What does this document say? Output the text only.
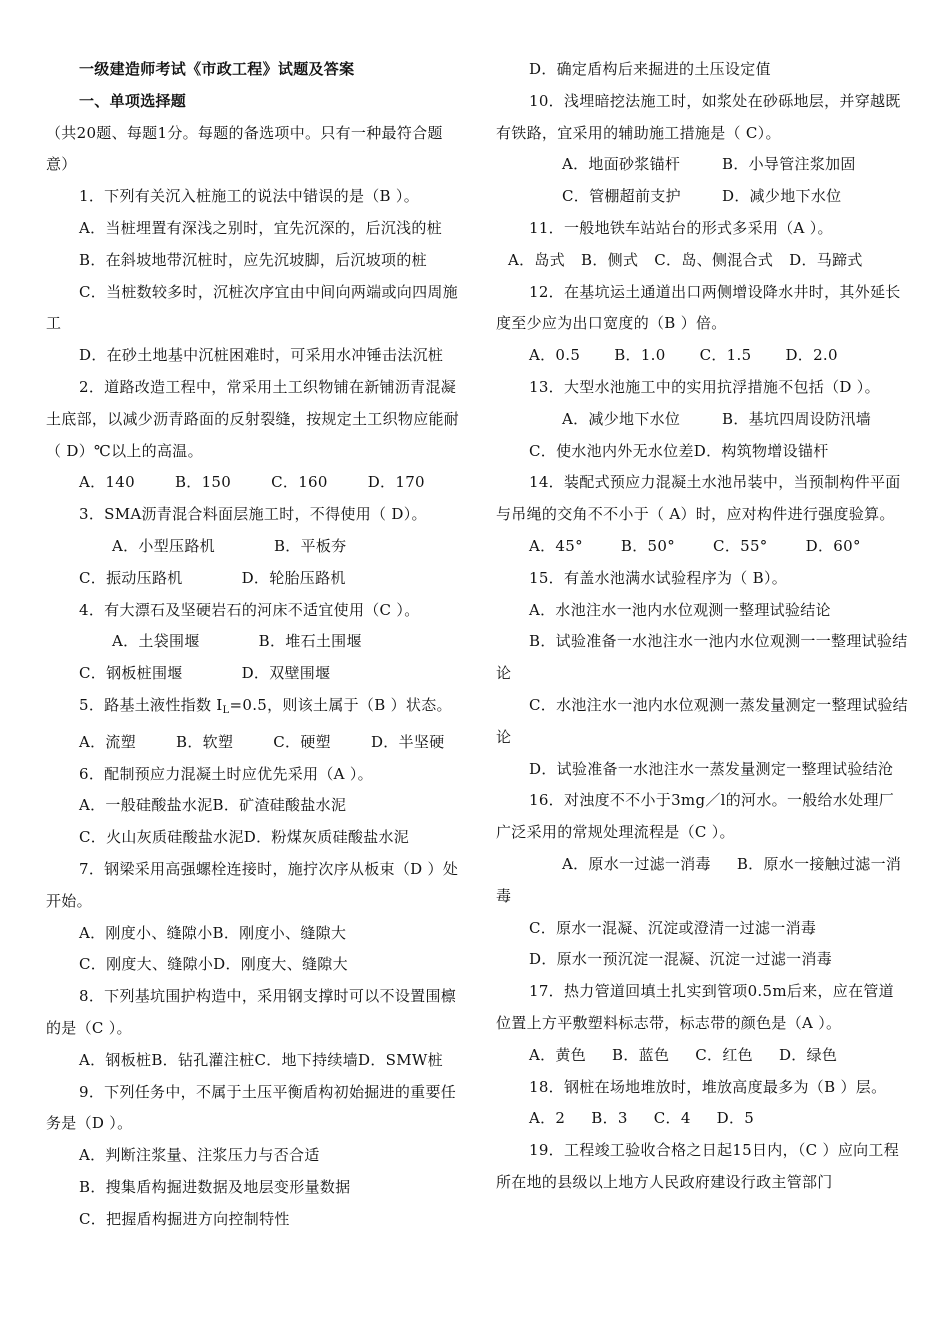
一级建造师考试《市政工程》试题及答案

一、单项选择题

（共20题、每题1分。每题的备选项中。只有一种最符合题意）

1．下列有关沉入桩施工的说法中错误的是（B ）。

A．当桩埋置有深浅之别时，宜先沉深的，后沉浅的桩

B．在斜坡地带沉桩时，应先沉坡脚，后沉坡项的桩

C．当桩数较多时，沉桩次序宜由中间向两端或向四周施工

D．在砂土地基中沉桩困难时，可采用水冲锤击法沉桩

2．道路改造工程中，常采用土工织物铺在新铺沥青混凝土底部，以减少沥青路面的反射裂缝，按规定土工织物应能耐（ D）℃以上的高温。

A．140	B．150	C．160	D．170

3．SMA沥青混合料面层施工时，不得使用（ D）。

A．小型压路机	B．平板夯C．振动压路机	D．轮胎压路机

4．有大漂石及坚硬岩石的河床不适宜使用（C ）。

A．土袋围堰	B．堆石土围堰C．钢板桩围堰	D．双壁围堰

5．路基土液性指数 $I_L=0.5$，则该土属于（B ）状态。

A．流塑	B．软塑	C．硬塑	D．半坚硬

6．配制预应力混凝土时应优先采用（A ）。

A．一般硅酸盐水泥B．矿渣硅酸盐水泥

C．火山灰质硅酸盐水泥D．粉煤灰质硅酸盐水泥

7．钢梁采用高强螺栓连接时，施拧次序从板束（D ）处开始。

A．刚度小、缝隙小B．刚度小、缝隙大

C．刚度大、缝隙小D．刚度大、缝隙大

8．下列基坑围护构造中，采用钢支撑时可以不设置围檩的是（C ）。

A．钢板桩B．钻孔灌注桩C．地下持续墙D．SMW桩

9．下列任务中，不属于土压平衡盾构初始掘进的重要任务是（D ）。

A．判断注浆量、注浆压力与否合适

B．搜集盾构掘进数据及地层变形量数据

C．把握盾构掘进方向控制特性

D．确定盾构后来掘进的土压设定值

10．浅埋暗挖法施工时，如浆处在砂砾地层，并穿越既有铁路，宜采用的辅助施工措施是（ C）。

A．地面砂浆锚杆	B．小导管注浆加固

C．管棚超前支护	D．减少地下水位

11．一般地铁车站站台的形式多采用（A ）。

A．岛式 B．侧式 C．岛、侧混合式 D．马蹄式

12．在基坑运土通道出口两侧增设降水井时，其外延长度至少应为出口宽度的（B ）倍。

A．0.5 B．1.0 C．1.5 D．2.0

13．大型水池施工中的实用抗浮措施不包括（D ）。

A．减少地下水位	B．基坑四周设防汛墙

C．使水池内外无水位差D．构筑物增设锚杆

14．装配式预应力混凝土水池吊装中，当预制构件平面与吊绳的交角不不小于（ A）时，应对构件进行强度验算。

A．45°	B．50°	C．55°	D．60°

15．有盖水池满水试验程序为（ B）。

A．水池注水一池内水位观测一整理试验结论

B．试验准备一水池注水一池内水位观测一一整理试验结论

C．水池注水一池内水位观测一蒸发量测定一整理试验结论

D．试验准备一水池注水一蒸发量测定一整理试验结沧

16．对浊度不不小于3mg／l的河水。一般给水处理厂广泛采用的常规处理流程是（C ）。

A．原水一过滤一消毒 B．原水一接触过滤一消毒

C．原水一混凝、沉淀或澄清一过滤一消毒

D．原水一预沉淀一混凝、沉淀一过滤一消毒

17．热力管道回填土扎实到管项0.5m后来，应在管道位置上方平敷塑料标志带，标志带的颜色是（A ）。

A．黄色 B．蓝色 C．红色 D．绿色

18．钢桩在场地堆放时，堆放高度最多为（B ）层。

A．2 B．3 C．4 D．5

19．工程竣工验收合格之日起15日内，（C ）应向工程所在地的县级以上地方人民政府建设行政主管部门
